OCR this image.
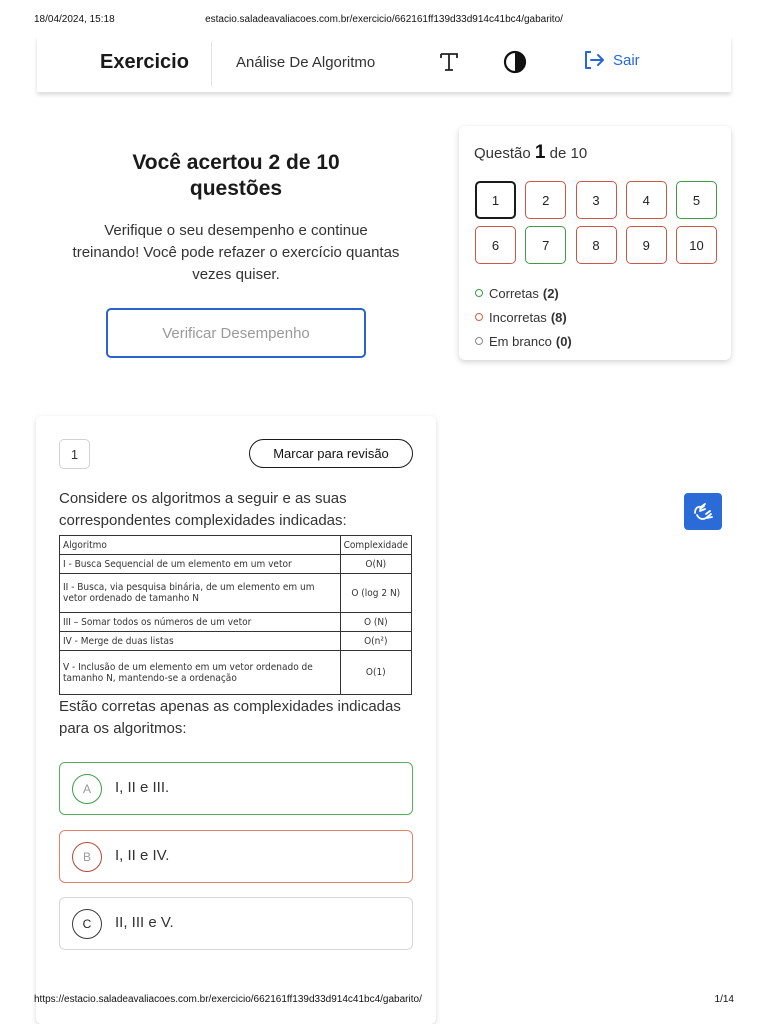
18/04/2024, 15:18	estacio.saladeavaliacoes.com.br/exercicio/662161ff139d33d914c41bc4/gabarito/
Exercicio	Análise De Algoritmo	Sair
Você acertou 2 de 10 questões
Verifique o seu desempenho e continue treinando! Você pode refazer o exercício quantas vezes quiser.
Verificar Desempenho
Questão 1 de 10
1	2	3	4	5
6	7	8	9	10
Corretas (2)
Incorretas (8)
Em branco (0)
1	Marcar para revisão
Considere os algoritmos a seguir e as suas correspondentes complexidades indicadas:
Algoritmo	Complexidade
I - Busca Sequencial de um elemento em um vetor	O(N)
II - Busca, via pesquisa binária, de um elemento em um vetor ordenado de tamanho N	O (log 2 N)
III – Somar todos os números de um vetor	O (N)
IV - Merge de duas listas	O(n²)
V - Inclusão de um elemento em um vetor ordenado de tamanho N, mantendo-se a ordenação	O(1)
Estão corretas apenas as complexidades indicadas para os algoritmos:
A	I, II e III.
B	I, II e IV.
C	II, III e V.
https://estacio.saladeavaliacoes.com.br/exercicio/662161ff139d33d914c41bc4/gabarito/	1/14
